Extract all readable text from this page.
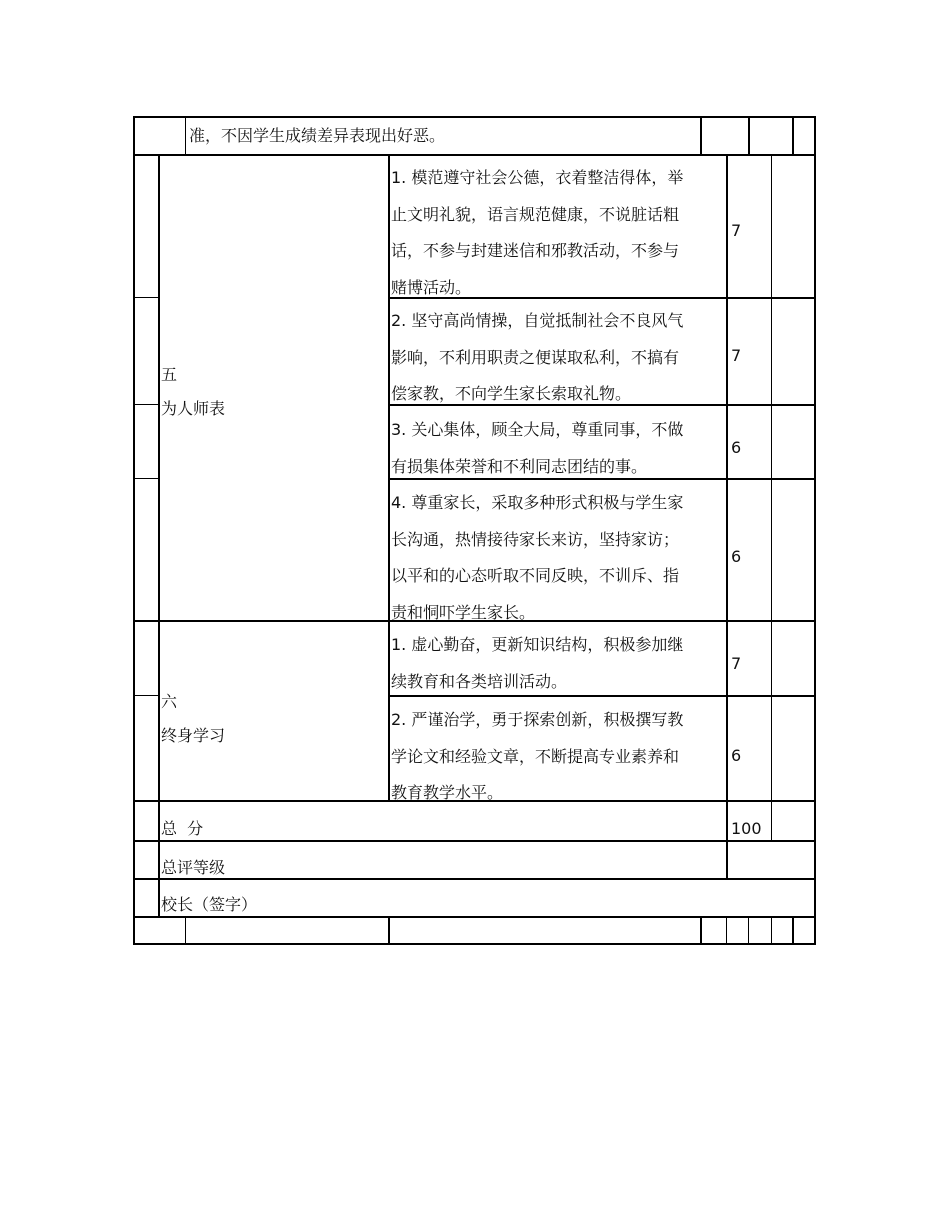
准，不因学生成绩差异表现出好恶。
五
为人师表
1. 模范遵守社会公德，衣着整洁得体，举
止文明礼貌，语言规范健康，不说脏话粗
话，不参与封建迷信和邪教活动，不参与
赌博活动。
7
2. 坚守高尚情操，自觉抵制社会不良风气
影响，不利用职责之便谋取私利，不搞有
偿家教，不向学生家长索取礼物。
7
3. 关心集体，顾全大局，尊重同事，不做
有损集体荣誉和不利同志团结的事。
6
4. 尊重家长，采取多种形式积极与学生家
长沟通，热情接待家长来访，坚持家访；
以平和的心态听取不同反映，不训斥、指
责和恫吓学生家长。
6
六
终身学习
1. 虚心勤奋，更新知识结构，积极参加继
续教育和各类培训活动。
7
2. 严谨治学，勇于探索创新，积极撰写教
学论文和经验文章，不断提高专业素养和
教育教学水平。
6
总  分	100
总评等级
校长（签字）
